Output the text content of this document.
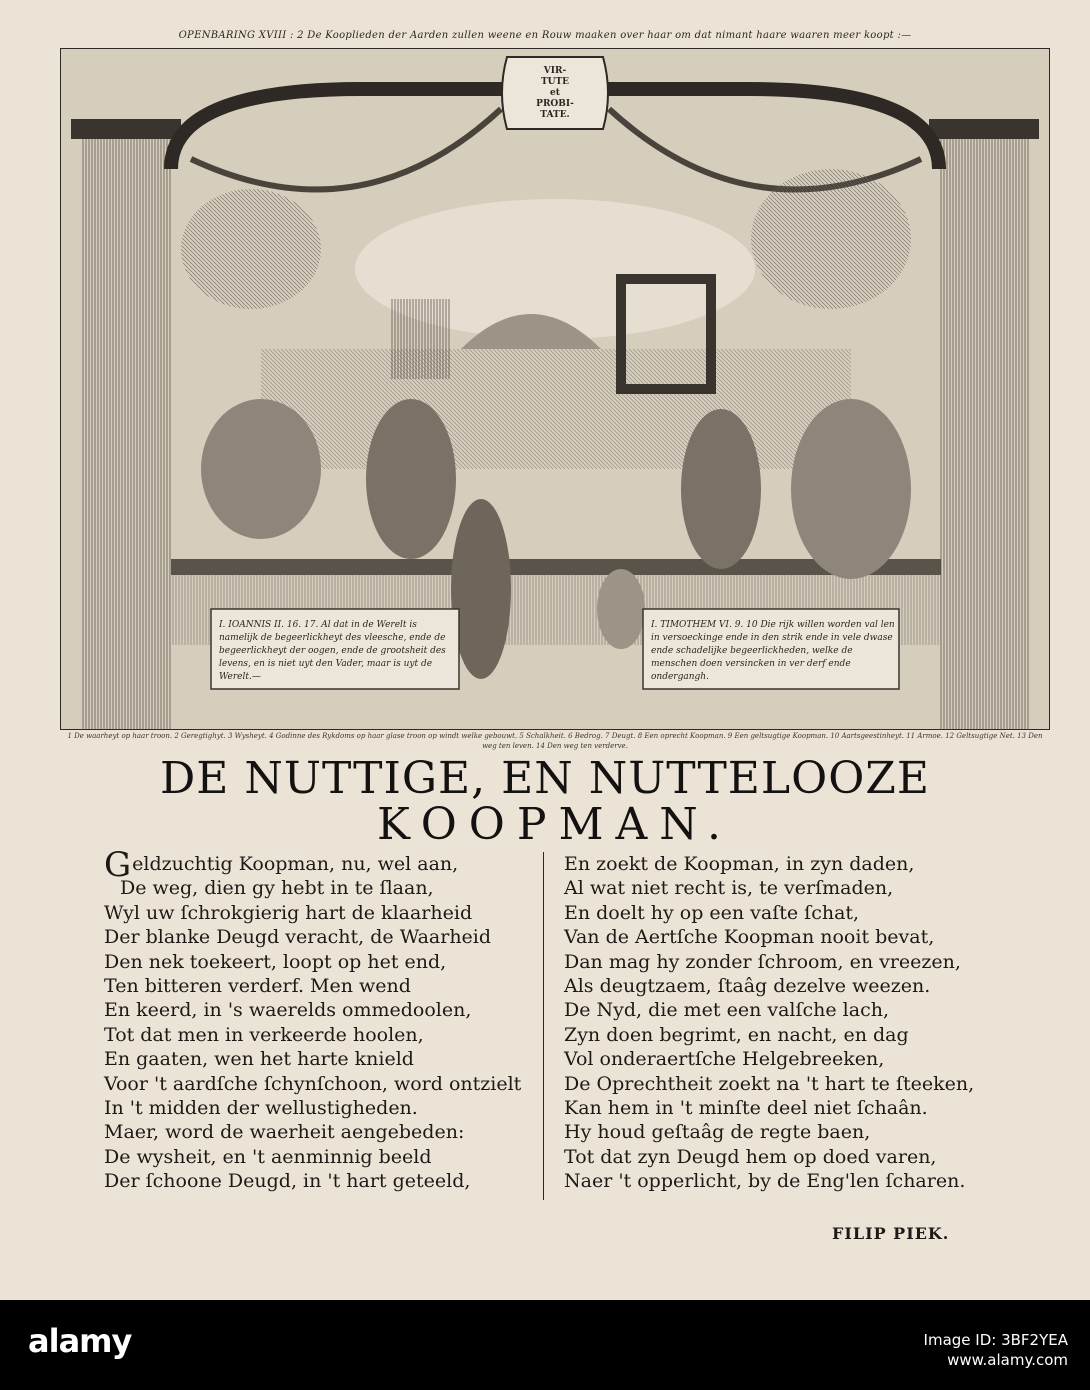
OPENBARING XVIII : 2 De Kooplieden der Aarden zullen weene en Rouw maaken over haar om dat nimant haare waaren meer koopt :—
VIR-
TUTE
et
PROBI-
TATE.
I. IOANNIS II. 16. 17. Al dat in de Werelt is namelijk de begeerlickheyt des vleesche, ende de begeerlickheyt der oogen, ende de grootsheit des levens, en is niet uyt den Vader, maar is uyt de Werelt.—
I. TIMOTHEM VI. 9. 10 Die rijk willen worden val len in versoeckinge ende in den strik ende in vele dwase ende schadelijke begeerlickheden, welke de menschen doen versincken in ver derf ende ondergangh.
1 De waarheyt op haar troon. 2 Geregtighyt. 3 Wysheyt. 4 Godinne des Rykdoms op haar glase troon op windt welke gebouwt. 5 Schalkheit. 6 Bedrog. 7 Deugt. 8 Een oprecht Koopman. 9 Een geltsugtige Koopman. 10 Aartsgeestinheyt. 11 Armoe. 12 Geltsugtige Net. 13 Den weg ten leven. 14 Den weg ten verderve.
DE NUTTIGE, EN NUTTELOOZE
KOOPMAN.
Geldzuchtig Koopman, nu, wel aan,
De weg, dien gy hebt in te ſlaan,
Wyl uw ſchrokgierig hart de klaarheid
Der blanke Deugd veracht, de Waarheid
Den nek toekeert, loopt op het end,
Ten bitteren verderf. Men wend
En keerd, in 's waerelds ommedoolen,
Tot dat men in verkeerde hoolen,
En gaaten, wen het harte knield
Voor 't aardſche ſchynſchoon, word ontzielt
In 't midden der wellustigheden.
Maer, word de waerheit aengebeden:
De wysheit, en 't aenminnig beeld
Der ſchoone Deugd, in 't hart geteeld,
En zoekt de Koopman, in zyn daden,
Al wat niet recht is, te verſmaden,
En doelt hy op een vaſte ſchat,
Van de Aertſche Koopman nooit bevat,
Dan mag hy zonder ſchroom, en vreezen,
Als deugtzaem, ſtaâg dezelve weezen.
De Nyd, die met een valſche lach,
Zyn doen begrimt, en nacht, en dag
Vol onderaertſche Helgebreeken,
De Oprechtheit zoekt na 't hart te ſteeken,
Kan hem in 't minſte deel niet ſchaân.
Hy houd geſtaâg de regte baen,
Tot dat zyn Deugd hem op doed varen,
Naer 't opperlicht, by de Eng'len ſcharen.
FILIP PIEK.
alamy	Image ID: 3BF2YEA
www.alamy.com
